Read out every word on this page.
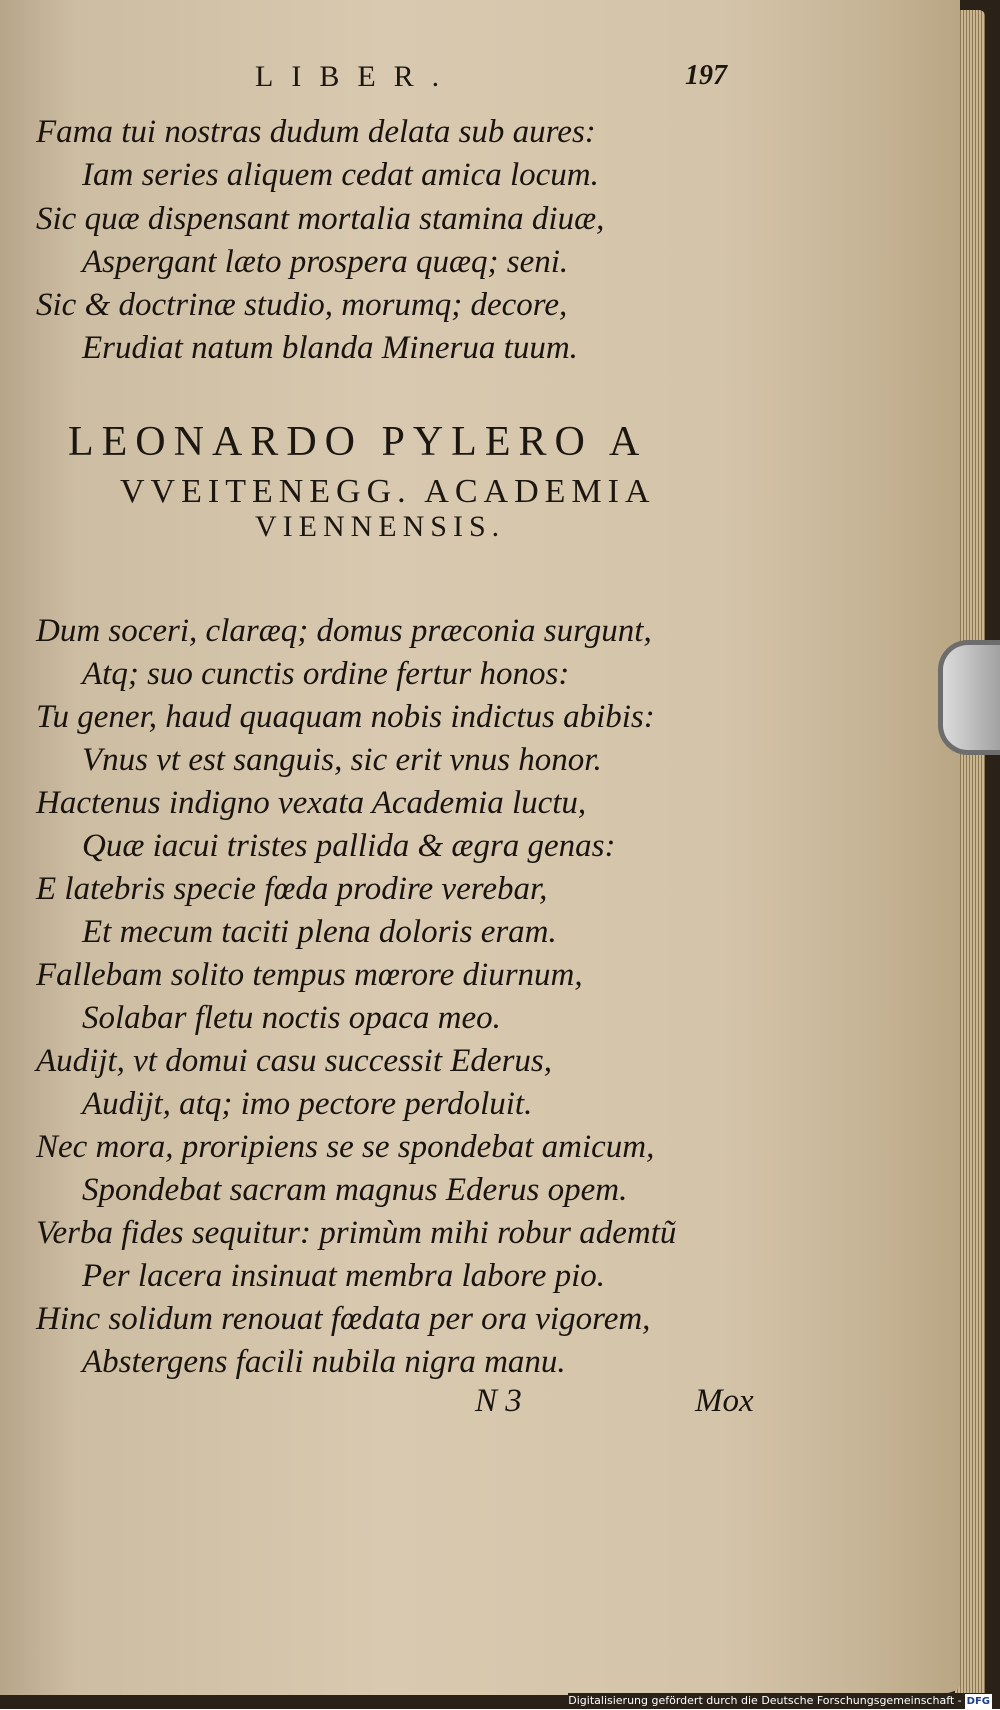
LIBER.	197
Fama tui nostras dudum delata sub aures:
Iam series aliquem cedat amica locum.
Sic quæ dispensant mortalia stamina diuæ,
Aspergant læto prospera quæq; seni.
Sic & doctrinæ studio, morumq; decore,
Erudiat natum blanda Minerua tuum.
LEONARDO PYLERO A
VVEITENEGG. ACADEMIA
VIENNENSIS.
Dum soceri, claræq; domus præconia surgunt,
Atq; suo cunctis ordine fertur honos:
Tu gener, haud quaquam nobis indictus abibis:
Vnus vt est sanguis, sic erit vnus honor.
Hactenus indigno vexata Academia luctu,
Quæ iacui tristes pallida & ægra genas:
E latebris specie fœda prodire verebar,
Et mecum taciti plena doloris eram.
Fallebam solito tempus mœrore diurnum,
Solabar fletu noctis opaca meo.
Audijt, vt domui casu successit Ederus,
Audijt, atq; imo pectore perdoluit.
Nec mora, proripiens se se spondebat amicum,
Spondebat sacram magnus Ederus opem.
Verba fides sequitur: primùm mihi robur ademtũ
Per lacera insinuat membra labore pio.
Hinc solidum renouat fœdata per ora vigorem,
Abstergens facili nubila nigra manu.
N 3	Mox
Digitalisierung gefördert durch die Deutsche Forschungsgemeinschaft - DFG
